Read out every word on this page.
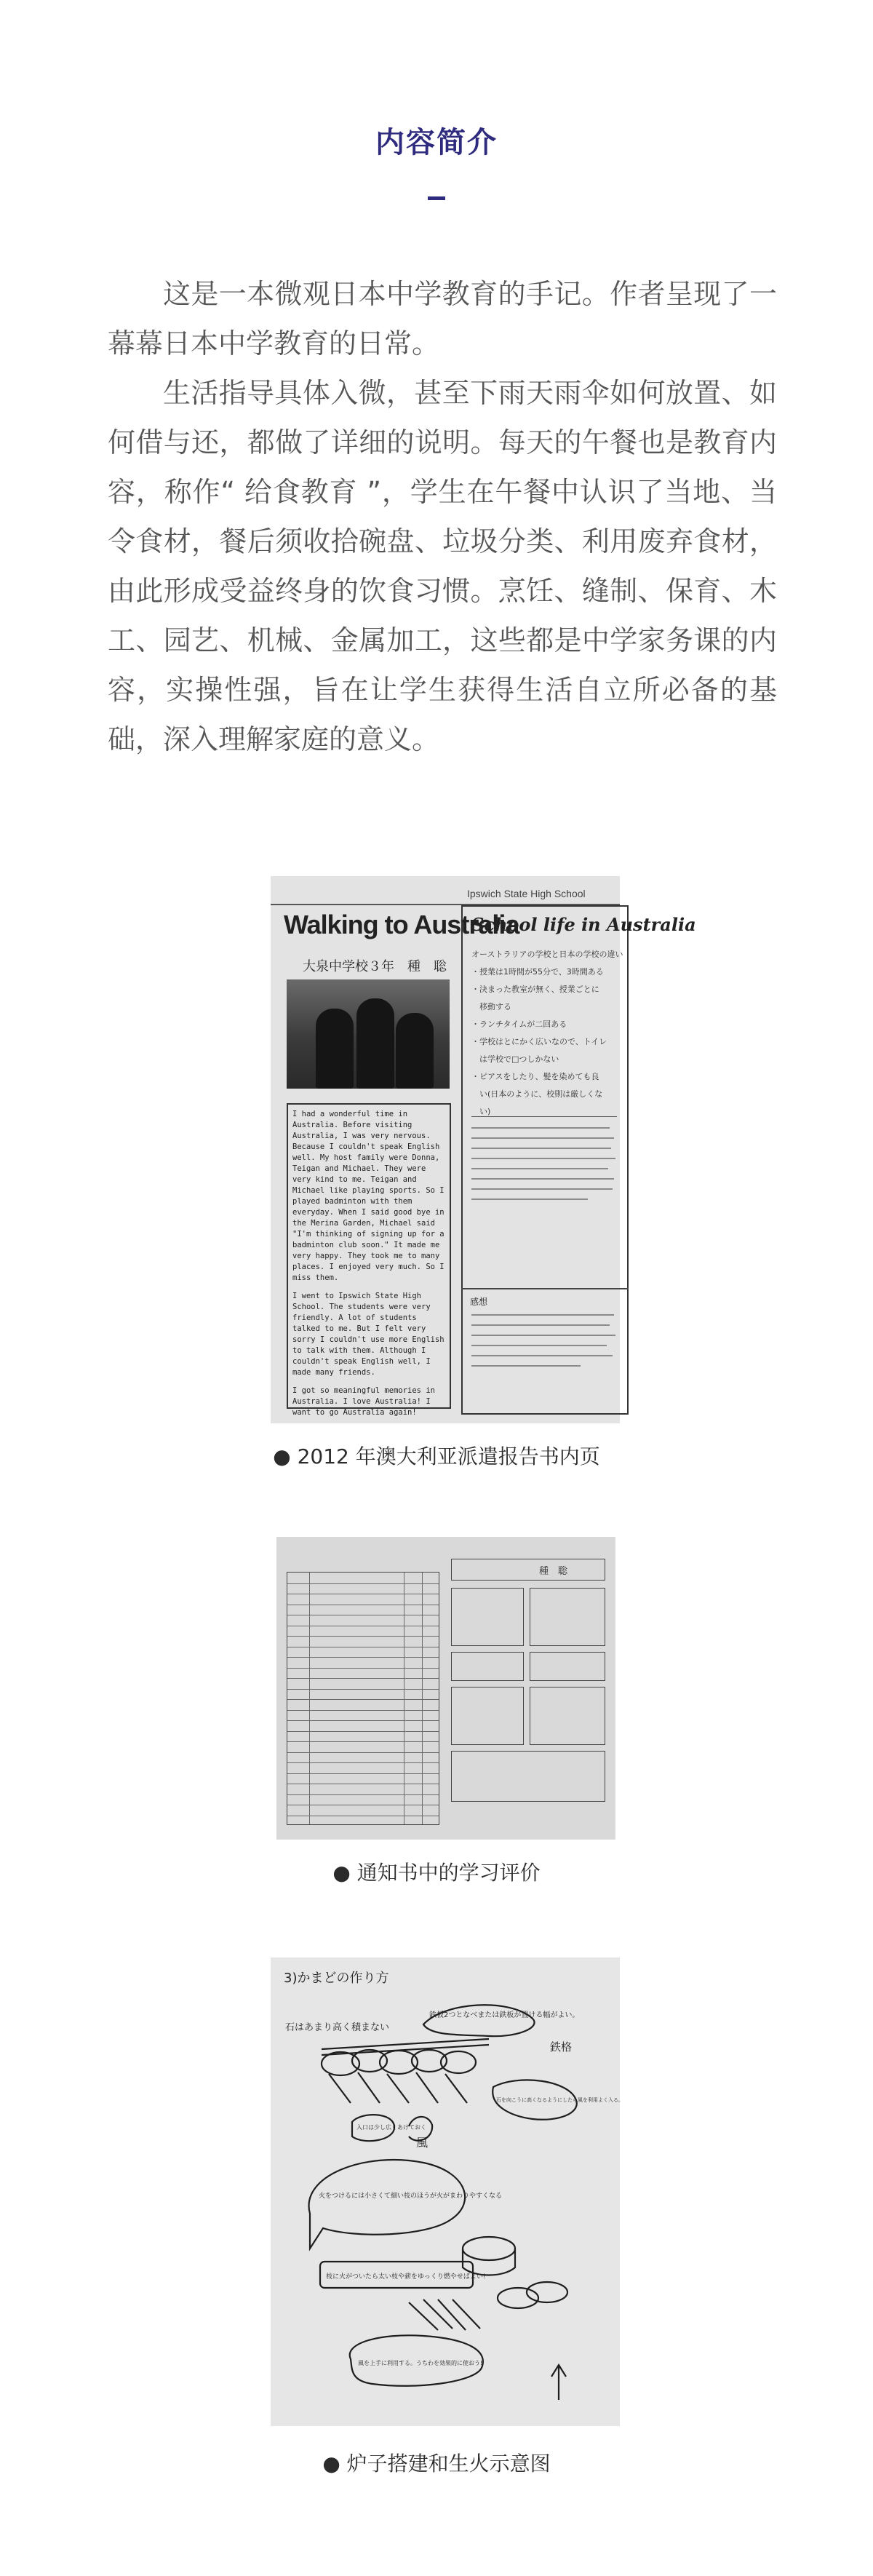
内容简介

这是一本微观日本中学教育的手记。作者呈现了一幕幕日本中学教育的日常。

生活指导具体入微，甚至下雨天雨伞如何放置、如何借与还，都做了详细的说明。每天的午餐也是教育内容，称作“ 给食教育 ”，学生在午餐中认识了当地、当令食材，餐后须收拾碗盘、垃圾分类、利用废弃食材，由此形成受益终身的饮食习惯。烹饪、缝制、保育、木工、园艺、机械、金属加工，这些都是中学家务课的内容，实操性强，旨在让学生获得生活自立所必备的基础，深入理解家庭的意义。

Ipswich State High School
Walking to Australia
大泉中学校３年　種　聡

I had a wonderful time in Australia. Before visiting Australia, I was very nervous. Because I couldn't speak English well. My host family were Donna, Teigan and Michael. They were very kind to me. Teigan and Michael like playing sports. So I played badminton with them everyday. When I said good bye in the Merina Garden, Michael said "I'm thinking of signing up for a badminton club soon." It made me very happy. They took me to many places. I enjoyed very much. So I miss them.

I went to Ipswich State High School. The students were very friendly. A lot of students talked to me. But I felt very sorry I couldn't use more English to talk with them. Although I couldn't speak English well, I made many friends.

I got so meaningful memories in Australia. I love Australia! I want to go Australia again!

School life in Australia
オーストラリアの学校と日本の学校の違い
・授業は1時間が55分で、3時間ある
・決まった教室が無く、授業ごとに
　移動する
・ランチタイムが二回ある
・学校はとにかく広いなので、トイレ
　は学校で□つしかない
・ピアスをしたり、髪を染めても良
　い(日本のように、校則は厳しくな
　い)
感想
● 2012 年澳大利亚派遣报告书内页
種　聡
● 通知书中的学习评价
3)かまどの作り方
石はあまり高く積まない
鉄板2つとなべまたは鉄板が置ける幅がよい。
鉄格
入口は少し広くあけておく
風
石を向こうに高くなるようにしたら風を利用よく入る。
火をつけるには小さくて細い枝のほうが火がまわりやすくなる
枝に火がついたら太い枝や薪をゆっくり燃やせばよい!
風を上手に利用する。うちわを効果的に使おう!
● 炉子搭建和生火示意图
